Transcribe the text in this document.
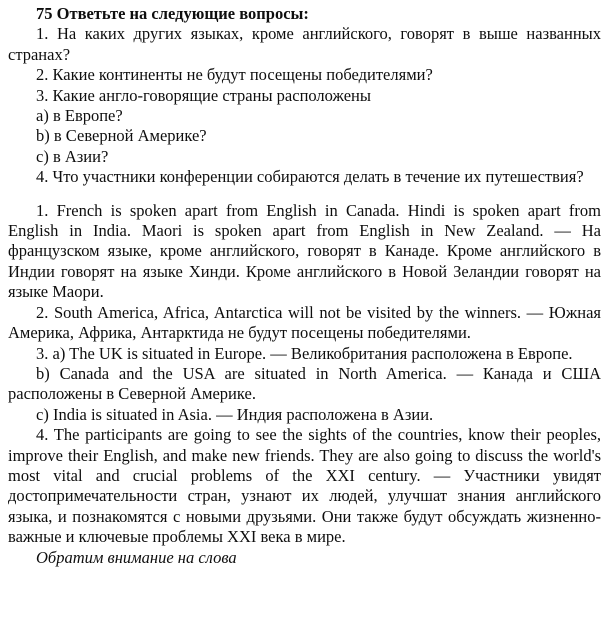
75 Ответьте на следующие вопросы:

1. На каких других языках, кроме английского, говорят в выше названных странах?

2. Какие континенты не будут посещены победителями?

3. Какие англо-говорящие страны расположены

а) в Европе?

b) в Северной Америке?

c) в Азии?

4. Что участники конференции собираются делать в течение их путешествия?

1. French is spoken apart from English in Canada. Hindi is spoken apart from English in India. Maori is spoken apart from English in New Zealand. — На французском языке, кроме английского, говорят в Канаде. Кроме английского в Индии говорят на языке Хинди. Кроме английского в Новой Зеландии говорят на языке Маори.

2. South America, Africa, Antarctica will not be visited by the winners. — Южная Америка, Африка, Антарктида не будут посещены победителями.

3. a) The UK is situated in Europe. — Великобритания расположена в Европе.

b) Canada and the USA are situated in North America. — Канада и США расположены в Северной Америке.

c) India is situated in Asia. — Индия расположена в Азии.

4. The participants are going to see the sights of the countries, know their peoples, improve their English, and make new friends. They are also going to discuss the world's most vital and crucial problems of the XXI century. — Участники увидят достопримечательности стран, узнают их людей, улучшат знания английского языка, и познакомятся с новыми друзьями. Они также будут обсуждать жизненно-важные и ключевые проблемы XXI века в мире.

Обратим внимание на слова
